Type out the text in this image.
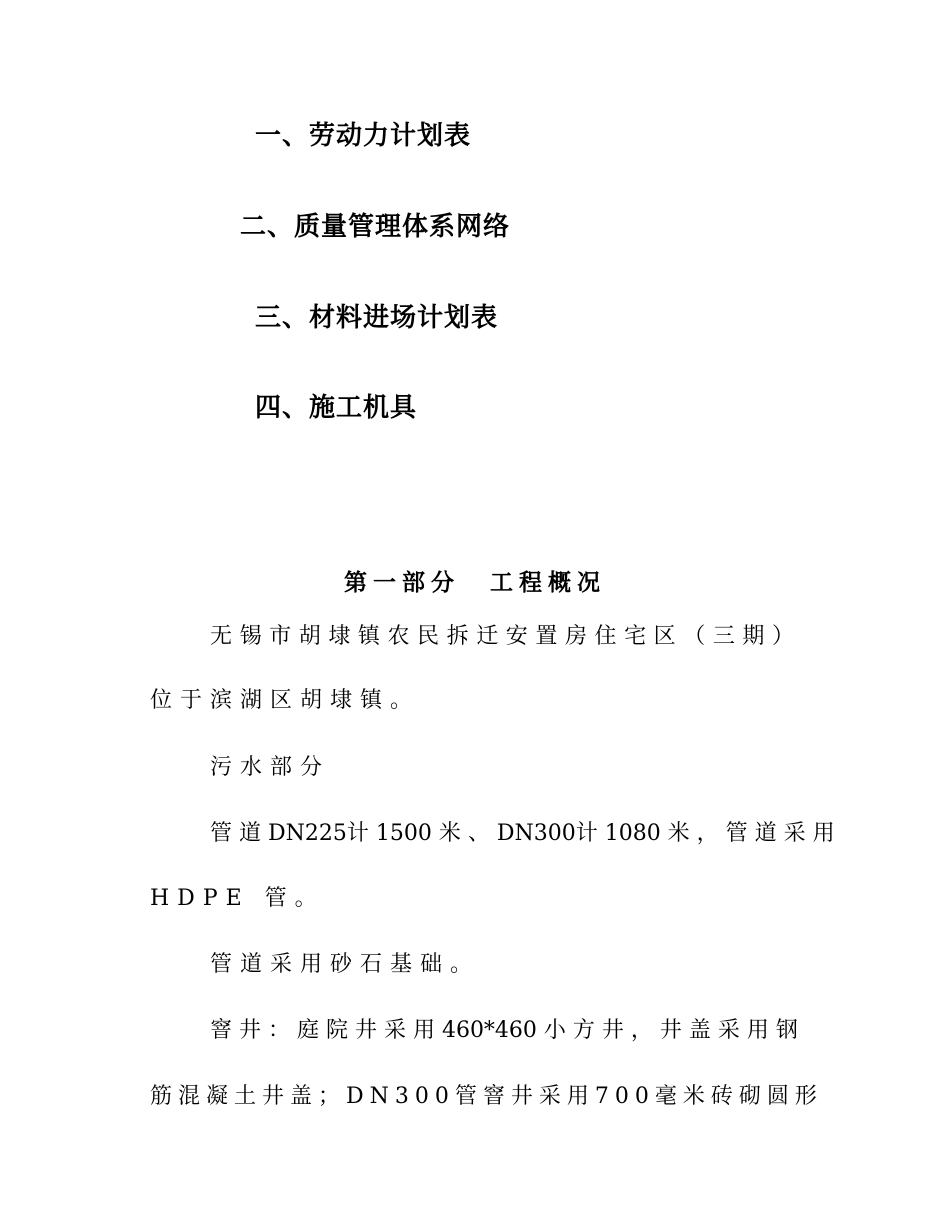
一、劳动力计划表
二、质量管理体系网络
三、材料进场计划表
四、施工机具
第一部分 工程概况
无 锡 市 胡 埭 镇 农 民 拆 迁 安 置 房 住 宅 区 （ 三 期 ）
位于滨湖区胡埭镇。
污水部分
管 道 DN225计 1500 米 、 DN300计 1080 米 ， 管 道 采 用
HDPE 管。
管道采用砂石基础。
窨 井 ： 庭 院 井 采 用 460*460 小 方 井 ， 井 盖 采 用 钢
筋混凝土井盖；DN300管窨井采用700毫米砖砌圆形
